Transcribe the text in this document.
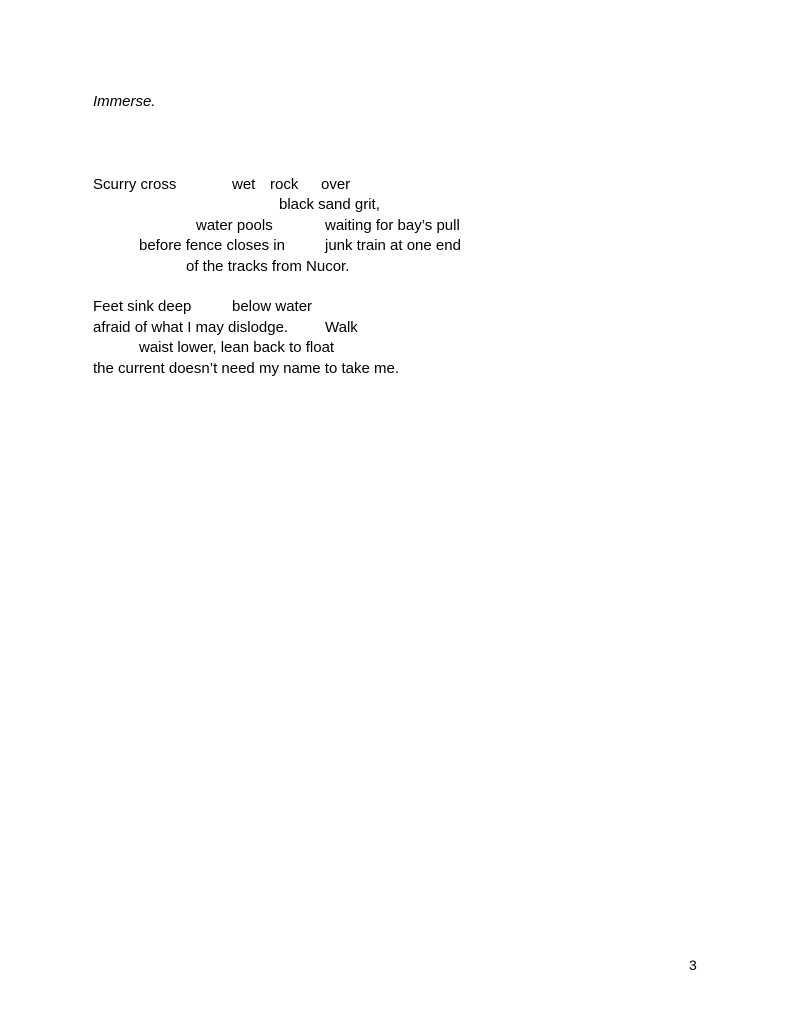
Immerse.

Scurry cross	wet rock over

black sand grit,

water pools	waiting for bay’s pull

before fence closes in	junk train at one end

of the tracks from Nucor.

Feet sink deep	below water

afraid of what I may dislodge. Walk

waist lower, lean back to float

the current doesn’t need my name to take me.

3
